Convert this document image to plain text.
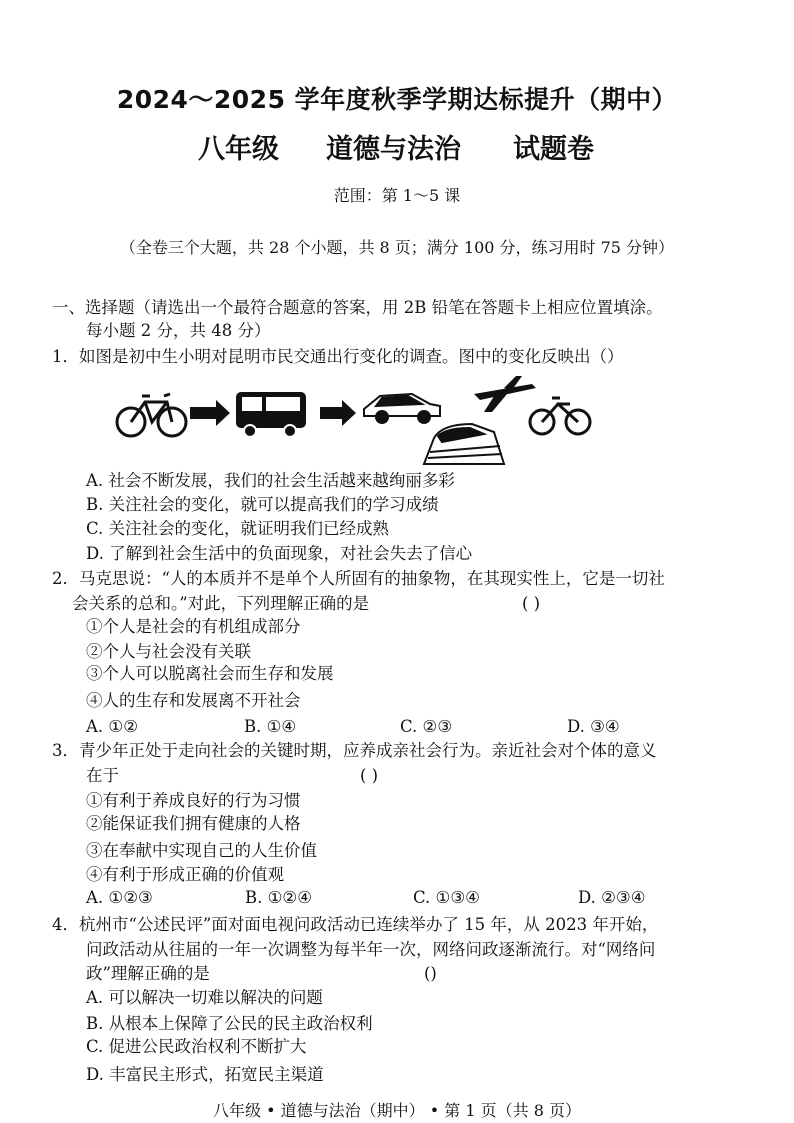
2024～2025 学年度秋季学期达标提升（期中）
八年级 道德与法治 试题卷
范围：第 1～5 课
（全卷三个大题，共 28 个小题，共 8 页；满分 100 分，练习用时 75 分钟）
一、选择题（请选出一个最符合题意的答案，用 2B 铅笔在答题卡上相应位置填涂。
每小题 2 分，共 48 分）
1．如图是初中生小明对昆明市民交通出行变化的调查。图中的变化反映出（）
A. 社会不断发展，我们的社会生活越来越绚丽多彩
B. 关注社会的变化，就可以提高我们的学习成绩
C. 关注社会的变化，就证明我们已经成熟
D. 了解到社会生活中的负面现象，对社会失去了信心
2．马克思说：“人的本质并不是单个人所固有的抽象物，在其现实性上，它是一切社
会关系的总和。”对此，下列理解正确的是	( )
①个人是社会的有机组成部分
②个人与社会没有关联
③个人可以脱离社会而生存和发展
④人的生存和发展离不开社会
A. ①②	B. ①④	C. ②③	D. ③④
3．青少年正处于走向社会的关键时期，应养成亲社会行为。亲近社会对个体的意义
在于	( )
①有利于养成良好的行为习惯
②能保证我们拥有健康的人格
③在奉献中实现自己的人生价值
④有利于形成正确的价值观
A. ①②③	B. ①②④	C. ①③④	D. ②③④
4．杭州市“公述民评”面对面电视问政活动已连续举办了 15 年，从 2023 年开始，
问政活动从往届的一年一次调整为每半年一次，网络问政逐渐流行。对“网络问
政”理解正确的是	()
A. 可以解决一切难以解决的问题
B. 从根本上保障了公民的民主政治权利
C. 促进公民政治权利不断扩大
D. 丰富民主形式，拓宽民主渠道
八年级 • 道德与法治（期中） • 第 1 页（共 8 页）
